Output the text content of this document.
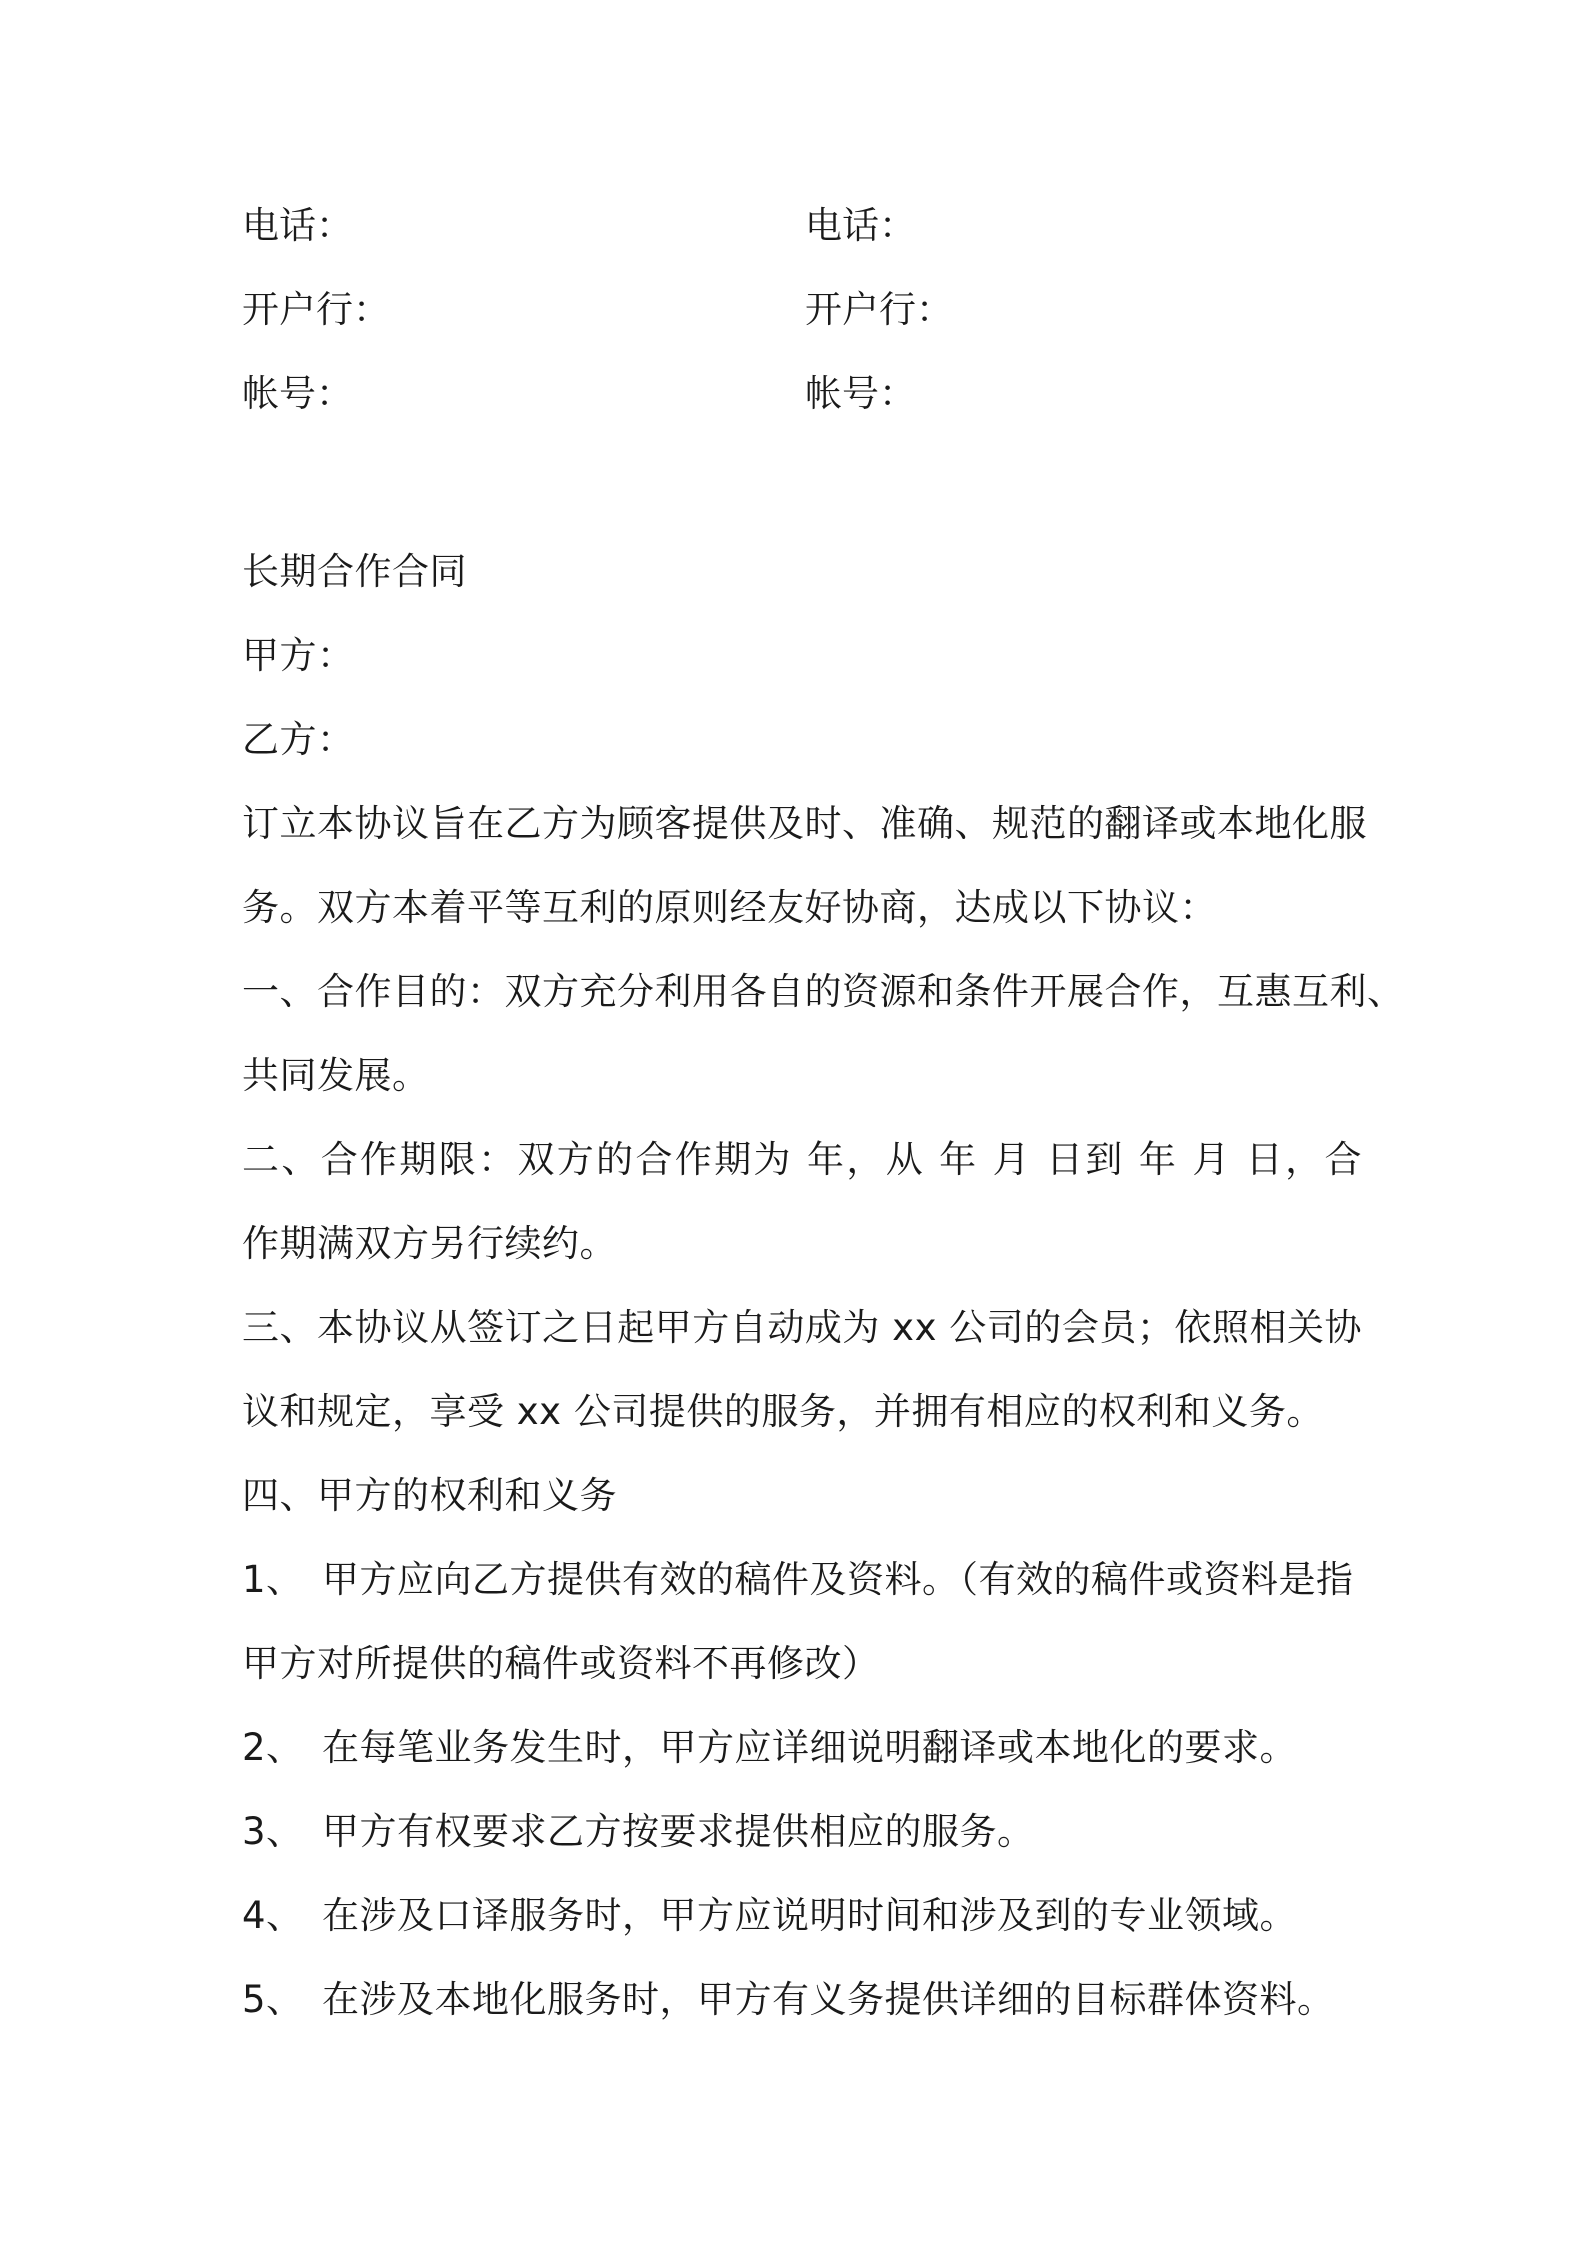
电话：	电话：
开户行：	开户行：
帐号：	帐号：
长期合作合同
甲方：
乙方：
订立本协议旨在乙方为顾客提供及时、准确、规范的翻译或本地化服
务。双方本着平等互利的原则经友好协商，达成以下协议：
一、合作目的：双方充分利用各自的资源和条件开展合作，互惠互利、
共同发展。
二、合作期限：双方的合作期为 年，从 年 月 日到 年 月 日，合
作期满双方另行续约。
三、本协议从签订之日起甲方自动成为 xx 公司的会员；依照相关协
议和规定，享受 xx 公司提供的服务，并拥有相应的权利和义务。
四、甲方的权利和义务
1、 甲方应向乙方提供有效的稿件及资料。（有效的稿件或资料是指
甲方对所提供的稿件或资料不再修改）
2、 在每笔业务发生时，甲方应详细说明翻译或本地化的要求。
3、 甲方有权要求乙方按要求提供相应的服务。
4、 在涉及口译服务时，甲方应说明时间和涉及到的专业领域。
5、 在涉及本地化服务时，甲方有义务提供详细的目标群体资料。
